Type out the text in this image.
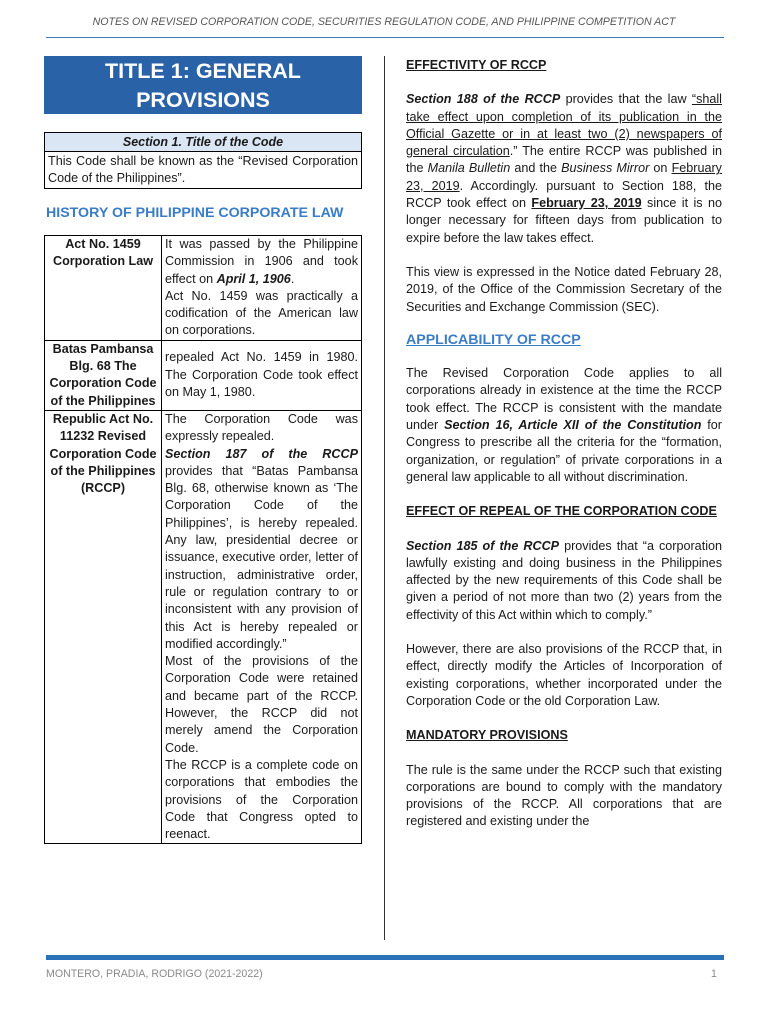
NOTES ON REVISED CORPORATION CODE, SECURITIES REGULATION CODE, AND PHILIPPINE COMPETITION ACT
TITLE 1: GENERAL
PROVISIONS
Section 1. Title of the Code
This Code shall be known as the “Revised Corporation Code of the Philippines”.
HISTORY OF PHILIPPINE CORPORATE LAW
Act No. 1459 Corporation Law	It was passed by the Philippine Commission in 1906 and took effect on April 1, 1906.
Act No. 1459 was practically a codification of the American law on corporations.

Batas Pambansa Blg. 68 The Corporation Code of the Philippines	repealed Act No. 1459 in 1980. The Corporation Code took effect on May 1, 1980.

Republic Act No. 11232 Revised Corporation Code of the Philippines (RCCP)	The Corporation Code was expressly repealed.
Section 187 of the RCCP provides that “Batas Pambansa Blg. 68, otherwise known as ‘The Corporation Code of the Philippines’, is hereby repealed. Any law, presidential decree or issuance, executive order, letter of instruction, administrative order, rule or regulation contrary to or inconsistent with any provision of this Act is hereby repealed or modified accordingly.”
Most of the provisions of the Corporation Code were retained and became part of the RCCP. However, the RCCP did not merely amend the Corporation Code.
The RCCP is a complete code on corporations that embodies the provisions of the Corporation Code that Congress opted to reenact.
EFFECTIVITY OF RCCP

Section 188 of the RCCP provides that the law “shall take effect upon completion of its publication in the Official Gazette or in at least two (2) newspapers of general circulation.” The entire RCCP was published in the Manila Bulletin and the Business Mirror on February 23, 2019. Accordingly. pursuant to Section 188, the RCCP took effect on February 23, 2019 since it is no longer necessary for fifteen days from publication to expire before the law takes effect.

This view is expressed in the Notice dated February 28, 2019, of the Office of the Commission Secretary of the Securities and Exchange Commission (SEC).

APPLICABILITY OF RCCP

The Revised Corporation Code applies to all corporations already in existence at the time the RCCP took effect. The RCCP is consistent with the mandate under Section 16, Article XII of the Constitution for Congress to prescribe all the criteria for the “formation, organization, or regulation” of private corporations in a general law applicable to all without discrimination.

EFFECT OF REPEAL OF THE CORPORATION CODE

Section 185 of the RCCP provides that “a corporation lawfully existing and doing business in the Philippines affected by the new requirements of this Code shall be given a period of not more than two (2) years from the effectivity of this Act within which to comply.”

However, there are also provisions of the RCCP that, in effect, directly modify the Articles of Incorporation of existing corporations, whether incorporated under the Corporation Code or the old Corporation Law.

MANDATORY PROVISIONS

The rule is the same under the RCCP such that existing corporations are bound to comply with the mandatory provisions of the RCCP. All corporations that are registered and existing under the

MONTERO, PRADIA, RODRIGO (2021-2022)	1
